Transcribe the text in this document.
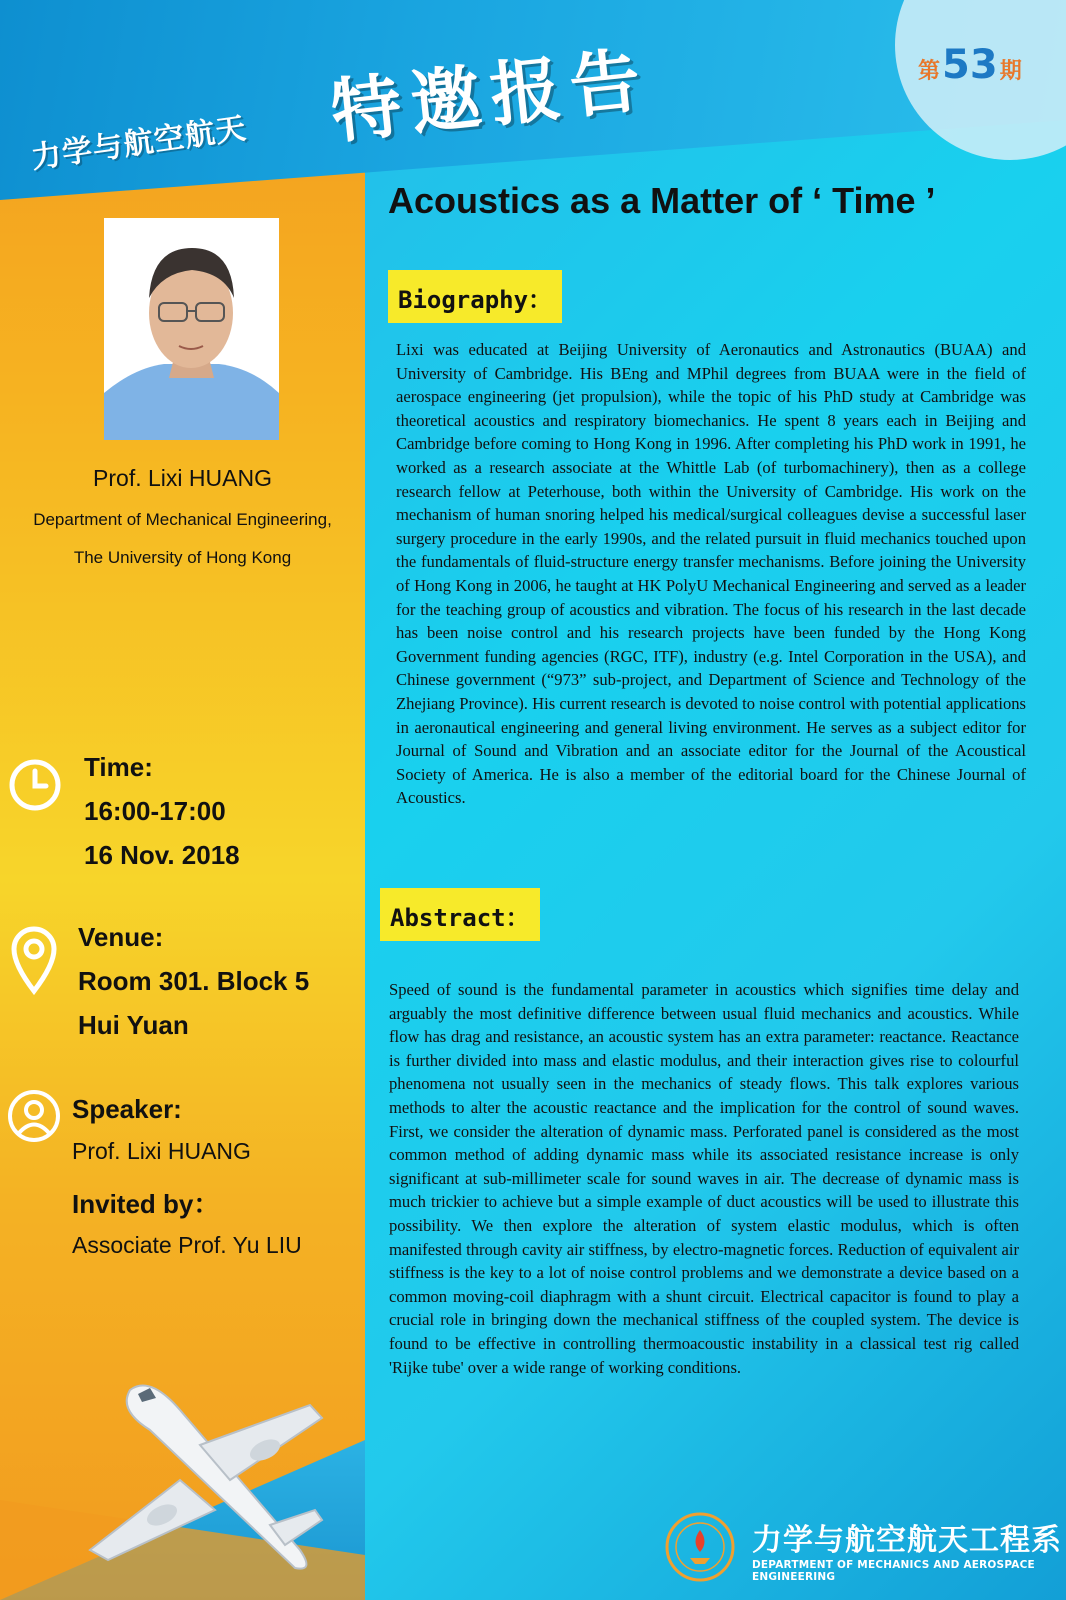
第 53 期
力学与航空航天 特邀报告
Acoustics as a Matter of ‘ Time ’
Prof. Lixi HUANG
Department of Mechanical Engineering,
The University of Hong Kong
Time:
16:00-17:00
16 Nov. 2018
Venue:
Room 301. Block 5
Hui Yuan
Speaker:
Prof. Lixi HUANG
Invited by：
Associate Prof. Yu LIU
Biography：
Lixi was educated at Beijing University of Aeronautics and Astronautics (BUAA) and University of Cambridge. His BEng and MPhil degrees from BUAA were in the field of aerospace engineering (jet propulsion), while the topic of his PhD study at Cambridge was theoretical acoustics and respiratory biomechanics. He spent 8 years each in Beijing and Cambridge before coming to Hong Kong in 1996. After completing his PhD work in 1991, he worked as a research associate at the Whittle Lab (of turbomachinery), then as a college research fellow at Peterhouse, both within the University of Cambridge. His work on the mechanism of human snoring helped his medical/surgical colleagues devise a successful laser surgery procedure in the early 1990s, and the related pursuit in fluid mechanics touched upon the fundamentals of fluid-structure energy transfer mechanisms. Before joining the University of Hong Kong in 2006, he taught at HK PolyU Mechanical Engineering and served as a leader for the teaching group of acoustics and vibration. The focus of his research in the last decade has been noise control and his research projects have been funded by the Hong Kong Government funding agencies (RGC, ITF), industry (e.g. Intel Corporation in the USA), and Chinese government (“973” sub-project, and Department of Science and Technology of the Zhejiang Province). His current research is devoted to noise control with potential applications in aeronautical engineering and general living environment. He serves as a subject editor for Journal of Sound and Vibration and an associate editor for the Journal of the Acoustical Society of America. He is also a member of the editorial board for the Chinese Journal of Acoustics.
Abstract：
Speed of sound is the fundamental parameter in acoustics which signifies time delay and arguably the most definitive difference between usual fluid mechanics and acoustics. While flow has drag and resistance, an acoustic system has an extra parameter: reactance. Reactance is further divided into mass and elastic modulus, and their interaction gives rise to colourful phenomena not usually seen in the mechanics of steady flows. This talk explores various methods to alter the acoustic reactance and the implication for the control of sound waves. First, we consider the alteration of dynamic mass. Perforated panel is considered as the most common method of adding dynamic mass while its associated resistance increase is only significant at sub-millimeter scale for sound waves in air. The decrease of dynamic mass is much trickier to achieve but a simple example of duct acoustics will be used to illustrate this possibility. We then explore the alteration of system elastic modulus, which is often manifested through cavity air stiffness, by electro-magnetic forces. Reduction of equivalent air stiffness is the key to a lot of noise control problems and we demonstrate a device based on a common moving-coil diaphragm with a shunt circuit. Electrical capacitor is found to play a crucial role in bringing down the mechanical stiffness of the coupled system. The device is found to be effective in controlling thermoacoustic instability in a classical test rig called 'Rijke tube' over a wide range of working conditions.
力学与航空航天工程系
DEPARTMENT OF MECHANICS AND AEROSPACE ENGINEERING
